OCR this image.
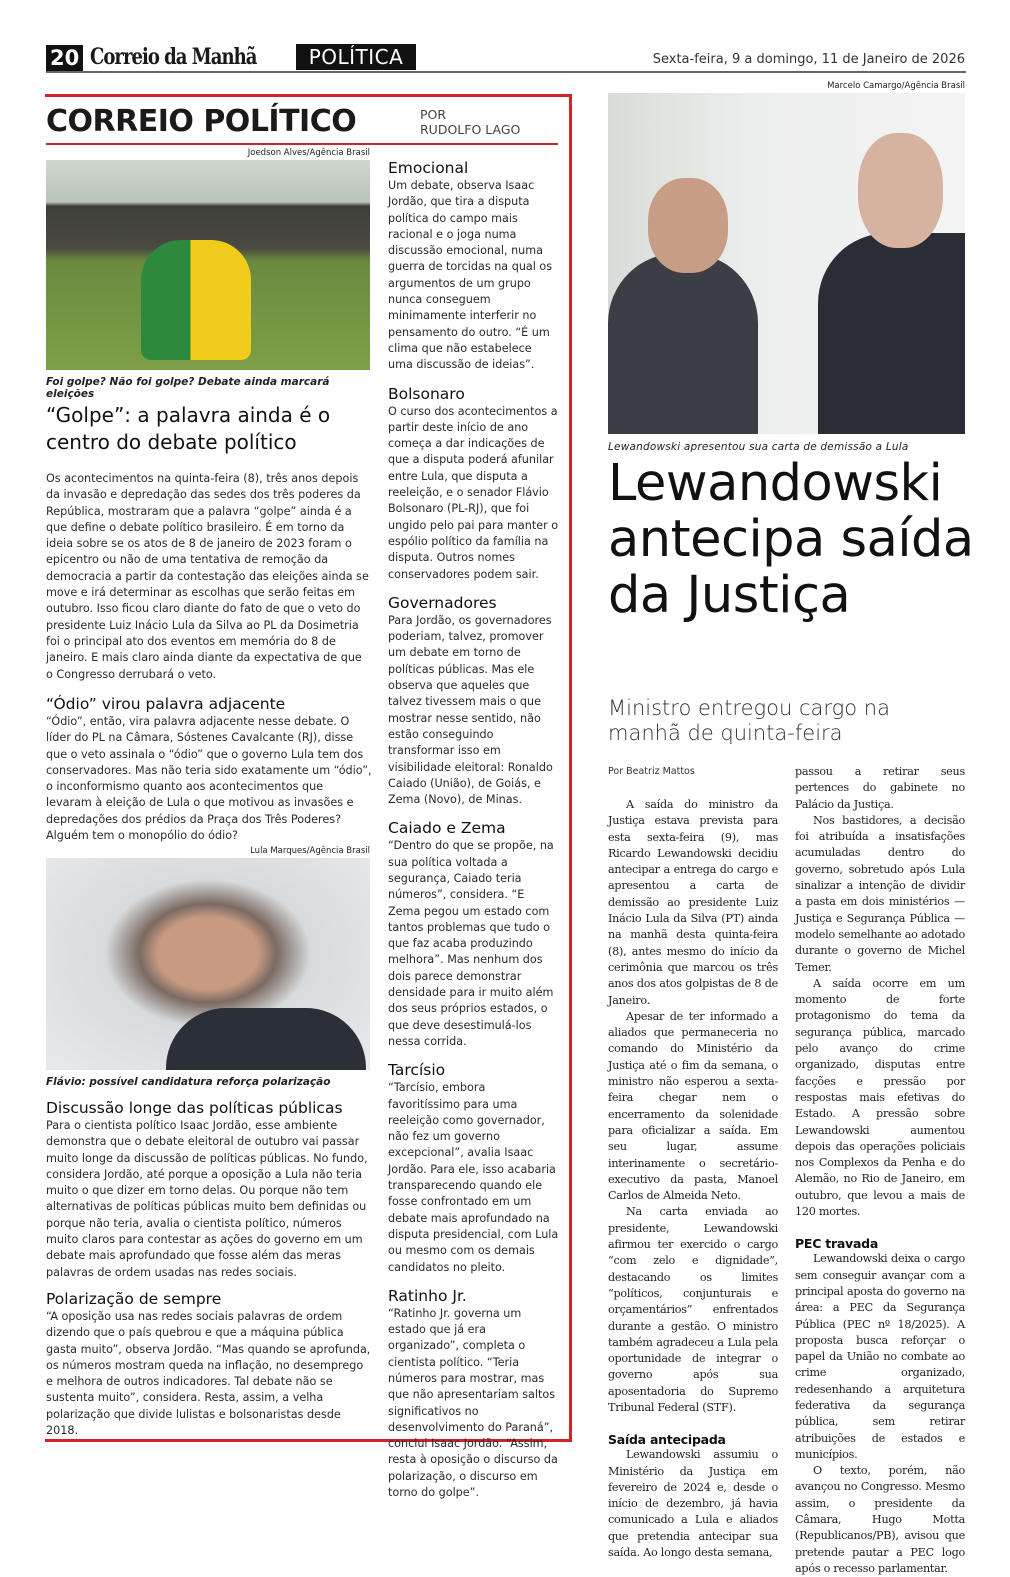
20 Correio da Manhã	POLÍTICA	Sexta-feira, 9 a domingo, 11 de Janeiro de 2026
CORREIO POLÍTICO	POR
RUDOLFO LAGO
Joedson Alves/Agência Brasil
Foi golpe? Não foi golpe? Debate ainda marcará eleições
“Golpe”: a palavra ainda é o centro do debate político
Os acontecimentos na quinta-feira (8), três anos depois da invasão e depredação das sedes dos três poderes da República, mostraram que a palavra “golpe” ainda é a que define o debate político brasileiro. É em torno da ideia sobre se os atos de 8 de janeiro de 2023 foram o epicentro ou não de uma tentativa de remoção da democracia a partir da contestação das eleições ainda se move e irá determinar as escolhas que serão feitas em outubro. Isso ficou claro diante do fato de que o veto do presidente Luiz Inácio Lula da Silva ao PL da Dosimetria foi o principal ato dos eventos em memória do 8 de janeiro. E mais claro ainda diante da expectativa de que o Congresso derrubará o veto.
“Ódio” virou palavra adjacente
“Ódio”, então, vira palavra adjacente nesse debate. O líder do PL na Câmara, Sóstenes Cavalcante (RJ), disse que o veto assinala o “ódio” que o governo Lula tem dos conservadores. Mas não teria sido exatamente um “ódio”, o inconformismo quanto aos acontecimentos que levaram à eleição de Lula o que motivou as invasões e depredações dos prédios da Praça dos Três Poderes? Alguém tem o monopólio do ódio?
Lula Marques/Agência Brasil
Flávio: possível candidatura reforça polarização
Discussão longe das políticas públicas
Para o cientista político Isaac Jordão, esse ambiente demonstra que o debate eleitoral de outubro vai passar muito longe da discussão de políticas públicas. No fundo, considera Jordão, até porque a oposição a Lula não teria muito o que dizer em torno delas. Ou porque não tem alternativas de políticas públicas muito bem definidas ou porque não teria, avalia o cientista político, números muito claros para contestar as ações do governo em um debate mais aprofundado que fosse além das meras palavras de ordem usadas nas redes sociais.
Polarização de sempre
“A oposição usa nas redes sociais palavras de ordem dizendo que o país quebrou e que a máquina pública gasta muito”, observa Jordão. “Mas quando se aprofunda, os números mostram queda na inflação, no desemprego e melhora de outros indicadores. Tal debate não se sustenta muito”, considera. Resta, assim, a velha polarização que divide lulistas e bolsonaristas desde 2018.
Emocional
Um debate, observa Isaac Jordão, que tira a disputa política do campo mais racional e o joga numa discussão emocional, numa guerra de torcidas na qual os argumentos de um grupo nunca conseguem minimamente interferir no pensamento do outro. “É um clima que não estabelece uma discussão de ideias”.
Bolsonaro
O curso dos acontecimentos a partir deste início de ano começa a dar indicações de que a disputa poderá afunilar entre Lula, que disputa a reeleição, e o senador Flávio Bolsonaro (PL-RJ), que foi ungido pelo pai para manter o espólio político da família na disputa. Outros nomes conservadores podem sair.
Governadores
Para Jordão, os governadores poderiam, talvez, promover um debate em torno de políticas públicas. Mas ele observa que aqueles que talvez tivessem mais o que mostrar nesse sentido, não estão conseguindo transformar isso em visibilidade eleitoral: Ronaldo Caiado (União), de Goiás, e Zema (Novo), de Minas.
Caiado e Zema
“Dentro do que se propõe, na sua política voltada a segurança, Caiado teria números”, considera. “E Zema pegou um estado com tantos problemas que tudo o que faz acaba produzindo melhora”. Mas nenhum dos dois parece demonstrar densidade para ir muito além dos seus próprios estados, o que deve desestimulá-los nessa corrida.
Tarcísio
“Tarcísio, embora favoritíssimo para uma reeleição como governador, não fez um governo excepcional”, avalia Isaac Jordão. Para ele, isso acabaria transparecendo quando ele fosse confrontado em um debate mais aprofundado na disputa presidencial, com Lula ou mesmo com os demais candidatos no pleito.
Ratinho Jr.
“Ratinho Jr. governa um estado que já era organizado”, completa o cientista político. “Teria números para mostrar, mas que não apresentariam saltos significativos no desenvolvimento do Paraná”, conclui Isaac Jordão. “Assim, resta à oposição o discurso da polarização, o discurso em torno do golpe”.
Marcelo Camargo/Agência Brasil
Lewandowski apresentou sua carta de demissão a Lula
Lewandowski antecipa saída da Justiça
Ministro entregou cargo na manhã de quinta-feira
Por Beatriz Mattos

A saída do ministro da Justiça estava prevista para esta sexta-feira (9), mas Ricardo Lewandowski decidiu antecipar a entrega do cargo e apresentou a carta de demissão ao presidente Luiz Inácio Lula da Silva (PT) ainda na manhã desta quinta-feira (8), antes mesmo do início da cerimônia que marcou os três anos dos atos golpistas de 8 de Janeiro.

Apesar de ter informado a aliados que permaneceria no comando do Ministério da Justiça até o fim da semana, o ministro não esperou a sexta-feira chegar nem o encerramento da solenidade para oficializar a saída. Em seu lugar, assume interinamente o secretário-executivo da pasta, Manoel Carlos de Almeida Neto.

Na carta enviada ao presidente, Lewandowski afirmou ter exercido o cargo “com zelo e dignidade”, destacando os limites “políticos, conjunturais e orçamentários” enfrentados durante a gestão. O ministro também agradeceu a Lula pela oportunidade de integrar o governo após sua aposentadoria do Supremo Tribunal Federal (STF).

Saída antecipada

Lewandowski assumiu o Ministério da Justiça em fevereiro de 2024 e, desde o início de dezembro, já havia comunicado a Lula e aliados que pretendia antecipar sua saída. Ao longo desta semana,

passou a retirar seus pertences do gabinete no Palácio da Justiça.

Nos bastidores, a decisão foi atribuída a insatisfações acumuladas dentro do governo, sobretudo após Lula sinalizar a intenção de dividir a pasta em dois ministérios — Justiça e Segurança Pública — modelo semelhante ao adotado durante o governo de Michel Temer.

A saída ocorre em um momento de forte protagonismo do tema da segurança pública, marcado pelo avanço do crime organizado, disputas entre facções e pressão por respostas mais efetivas do Estado. A pressão sobre Lewandowski aumentou depois das operações policiais nos Complexos da Penha e do Alemão, no Rio de Janeiro, em outubro, que levou a mais de 120 mortes.

PEC travada

Lewandowski deixa o cargo sem conseguir avançar com a principal aposta do governo na área: a PEC da Segurança Pública (PEC nº 18/2025). A proposta busca reforçar o papel da União no combate ao crime organizado, redesenhando a arquitetura federativa da segurança pública, sem retirar atribuições de estados e municípios.

O texto, porém, não avançou no Congresso. Mesmo assim, o presidente da Câmara, Hugo Motta (Republicanos/PB), avisou que pretende pautar a PEC logo após o recesso parlamentar.
